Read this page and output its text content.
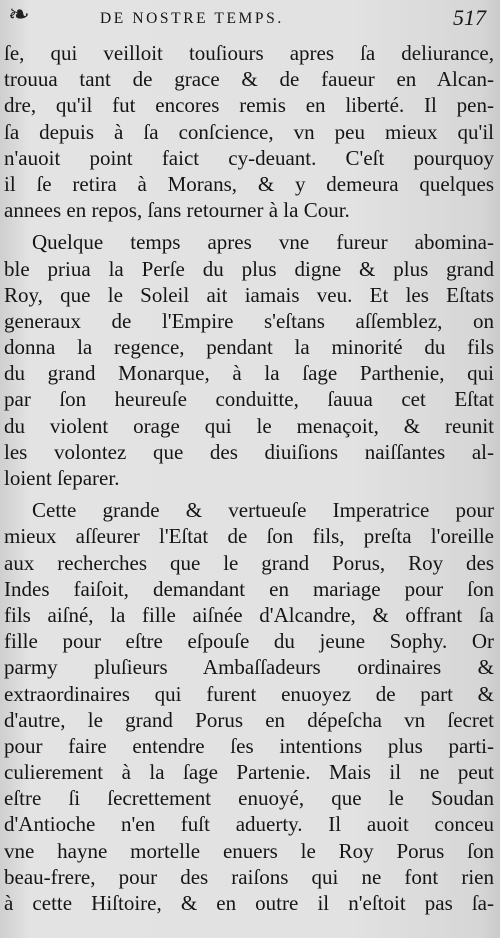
❧	DE NOSTRE TEMPS.	517
ſe, qui veilloit touſiours apres ſa deliurance,
trouua tant de grace & de faueur en Alcan-
dre, qu'il fut encores remis en liberté. Il pen-
ſa depuis à ſa conſcience, vn peu mieux qu'il
n'auoit point faict cy-deuant. C'eſt pourquoy
il ſe retira à Morans, & y demeura quelques
annees en repos, ſans retourner à la Cour.
Quelque temps apres vne fureur abomina-
ble priua la Perſe du plus digne & plus grand
Roy, que le Soleil ait iamais veu. Et les Eſtats
generaux de l'Empire s'eſtans aſſemblez, on
donna la regence, pendant la minorité du fils
du grand Monarque, à la ſage Parthenie, qui
par ſon heureuſe conduitte, ſauua cet Eſtat
du violent orage qui le menaçoit, & reunit
les volontez que des diuiſions naiſſantes al-
loient ſeparer.
Cette grande & vertueuſe Imperatrice pour
mieux aſſeurer l'Eſtat de ſon fils, preſta l'oreille
aux recherches que le grand Porus, Roy des
Indes faiſoit, demandant en mariage pour ſon
fils aiſné, la fille aiſnée d'Alcandre, & offrant ſa
fille pour eſtre eſpouſe du jeune Sophy. Or
parmy pluſieurs Ambaſſadeurs ordinaires &
extraordinaires qui furent enuoyez de part &
d'autre, le grand Porus en dépeſcha vn ſecret
pour faire entendre ſes intentions plus parti-
culierement à la ſage Partenie. Mais il ne peut
eſtre ſi ſecrettement enuoyé, que le Soudan
d'Antioche n'en fuſt aduerty. Il auoit conceu
vne hayne mortelle enuers le Roy Porus ſon
beau-frere, pour des raiſons qui ne font rien
à cette Hiſtoire, & en outre il n'eſtoit pas ſa-
